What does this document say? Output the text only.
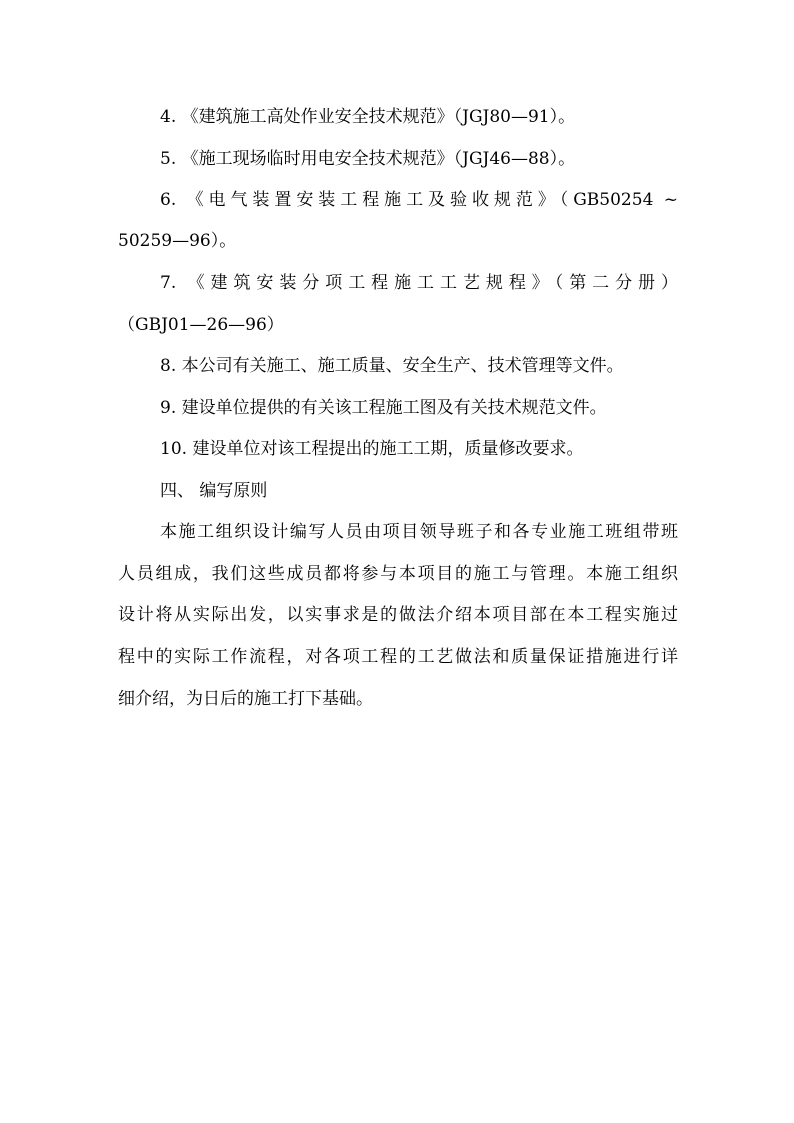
4. 《建筑施工高处作业安全技术规范》（JGJ80—91）。
5. 《施工现场临时用电安全技术规范》（JGJ46—88）。
6. 《电气装置安装工程施工及验收规范》（GB50254 ~
50259—96）。
7. 《建筑安装分项工程施工工艺规程》（第二分册）
（GBJ01—26—96）
8. 本公司有关施工、施工质量、安全生产、技术管理等文件。
9. 建设单位提供的有关该工程施工图及有关技术规范文件。
10. 建设单位对该工程提出的施工工期，质量修改要求。
四、 编写原则
本施工组织设计编写人员由项目领导班子和各专业施工班组带班
人员组成，我们这些成员都将参与本项目的施工与管理。本施工组织
设计将从实际出发，以实事求是的做法介绍本项目部在本工程实施过
程中的实际工作流程，对各项工程的工艺做法和质量保证措施进行详
细介绍，为日后的施工打下基础。
